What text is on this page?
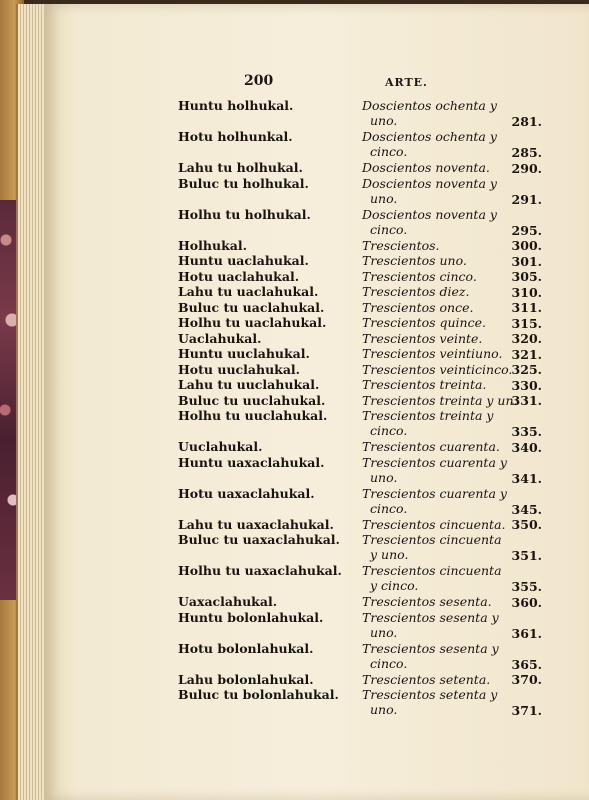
200	ARTE.
Huntu holhukal.	Doscientos ochenta y
uno.	281.
Hotu holhunkal.	Doscientos ochenta y
cinco.	285.
Lahu tu holhukal.	Doscientos noventa. 290.
Buluc tu holhukal.	Doscientos noventa y
uno.	291.
Holhu tu holhukal.	Doscientos noventa y
cinco.	295.
Holhukal.	Trescientos.	300.
Huntu uaclahukal.	Trescientos uno.	301.
Hotu uaclahukal.	Trescientos cinco.	305.
Lahu tu uaclahukal.	Trescientos diez.	310.
Buluc tu uaclahukal.	Trescientos once.	311.
Holhu tu uaclahukal.	Trescientos quince. 315.
Uaclahukal.	Trescientos veinte. 320.
Huntu uuclahukal.	Trescientos veintiuno. 321.
Hotu uuclahukal.	Trescientos veinticinco. 325.
Lahu tu uuclahukal.	Trescientos treinta. 330.
Buluc tu uuclahukal.	Trescientos treinta y un.
331.
Holhu tu uuclahukal.	Trescientos treinta y
cinco.	335.
Uuclahukal.	Trescientos cuarenta. 340.
Huntu uaxaclahukal.	Trescientos cuarenta y
uno.	341.
Hotu uaxaclahukal.	Trescientos cuarenta y
cinco.	345.
Lahu tu uaxaclahukal. Trescientos cincuenta. 350.
Buluc tu uaxaclahukal. Trescientos cincuenta
y uno.	351.
Holhu tu uaxaclahukal. Trescientos cincuenta
y cinco.	355.
Uaxaclahukal.	Trescientos sesenta. 360.
Huntu bolonlahukal.	Trescientos sesenta y
uno.	361.
Hotu bolonlahukal.	Trescientos sesenta y
cinco.	365.
Lahu bolonlahukal.	Trescientos setenta. 370.
Buluc tu bolonlahukal. Trescientos setenta y
uno.	371.
